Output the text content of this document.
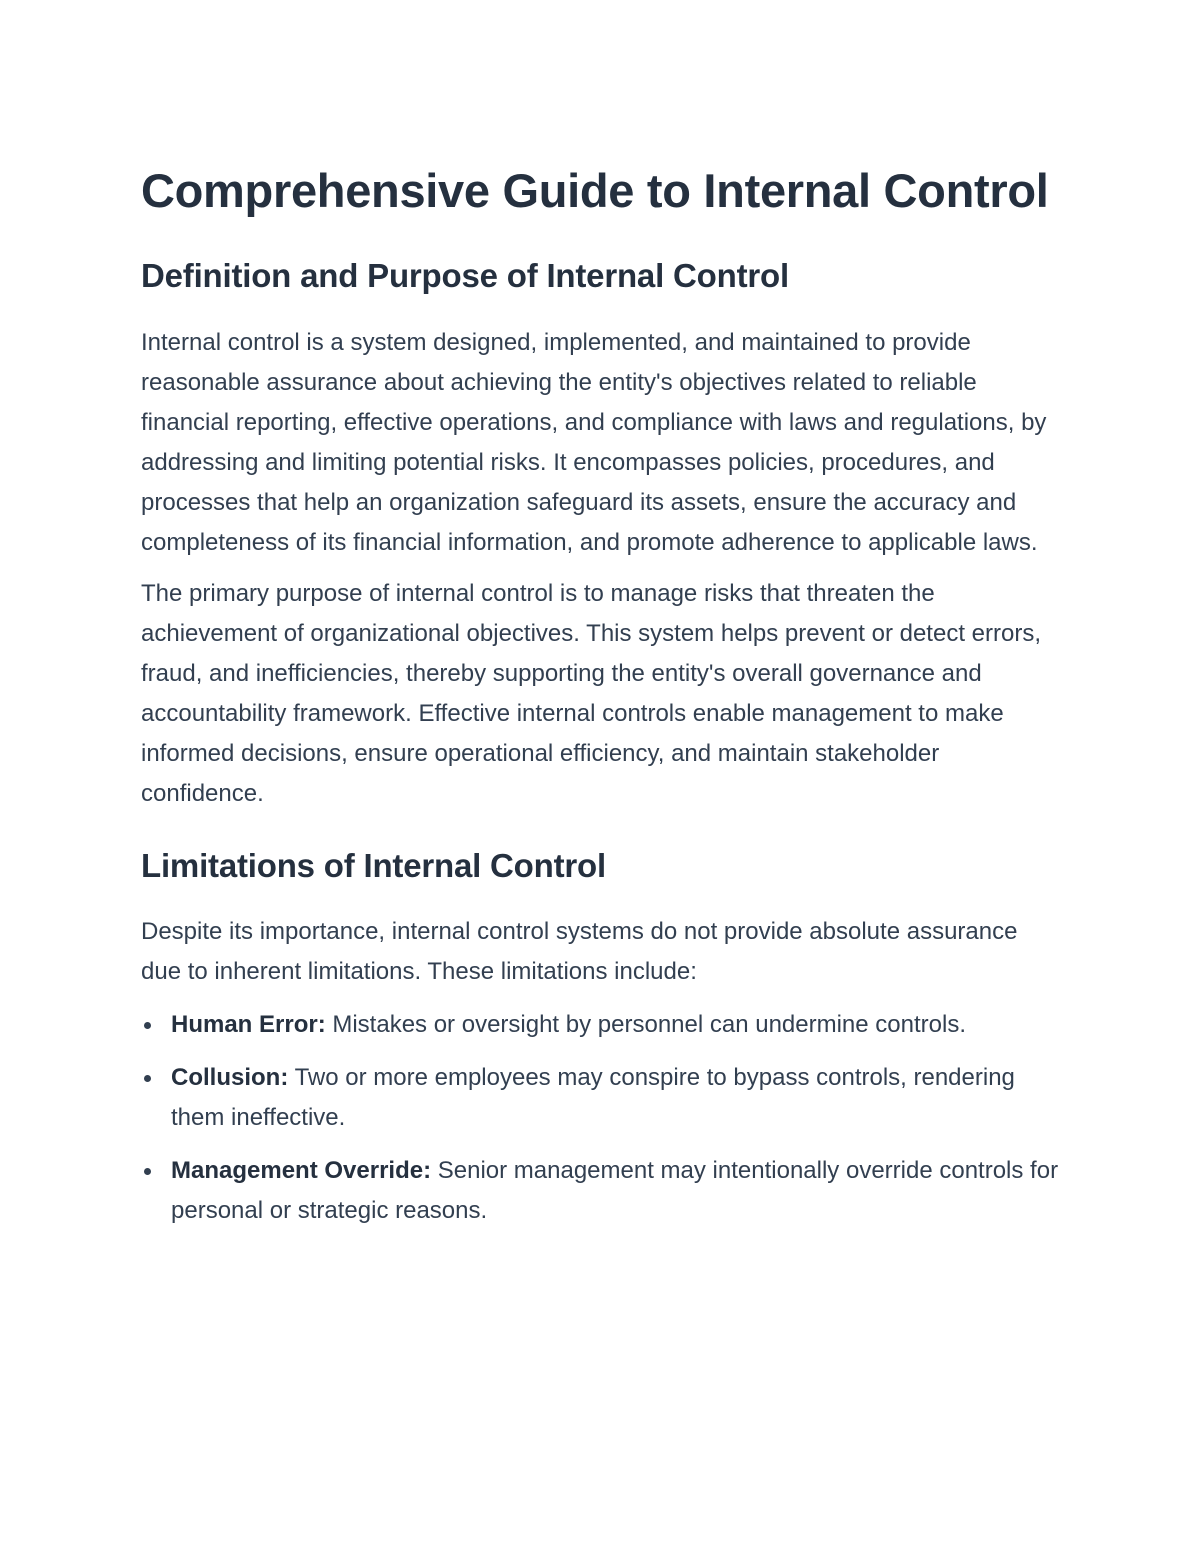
Comprehensive Guide to Internal Control
Definition and Purpose of Internal Control

Internal control is a system designed, implemented, and maintained to provide reasonable assurance about achieving the entity's objectives related to reliable financial reporting, effective operations, and compliance with laws and regulations, by addressing and limiting potential risks. It encompasses policies, procedures, and processes that help an organization safeguard its assets, ensure the accuracy and completeness of its financial information, and promote adherence to applicable laws.

The primary purpose of internal control is to manage risks that threaten the achievement of organizational objectives. This system helps prevent or detect errors, fraud, and inefficiencies, thereby supporting the entity's overall governance and accountability framework. Effective internal controls enable management to make informed decisions, ensure operational efficiency, and maintain stakeholder confidence.

Limitations of Internal Control

Despite its importance, internal control systems do not provide absolute assurance due to inherent limitations. These limitations include:

Human Error: Mistakes or oversight by personnel can undermine controls.
Collusion: Two or more employees may conspire to bypass controls, rendering them ineffective.
Management Override: Senior management may intentionally override controls for personal or strategic reasons.
